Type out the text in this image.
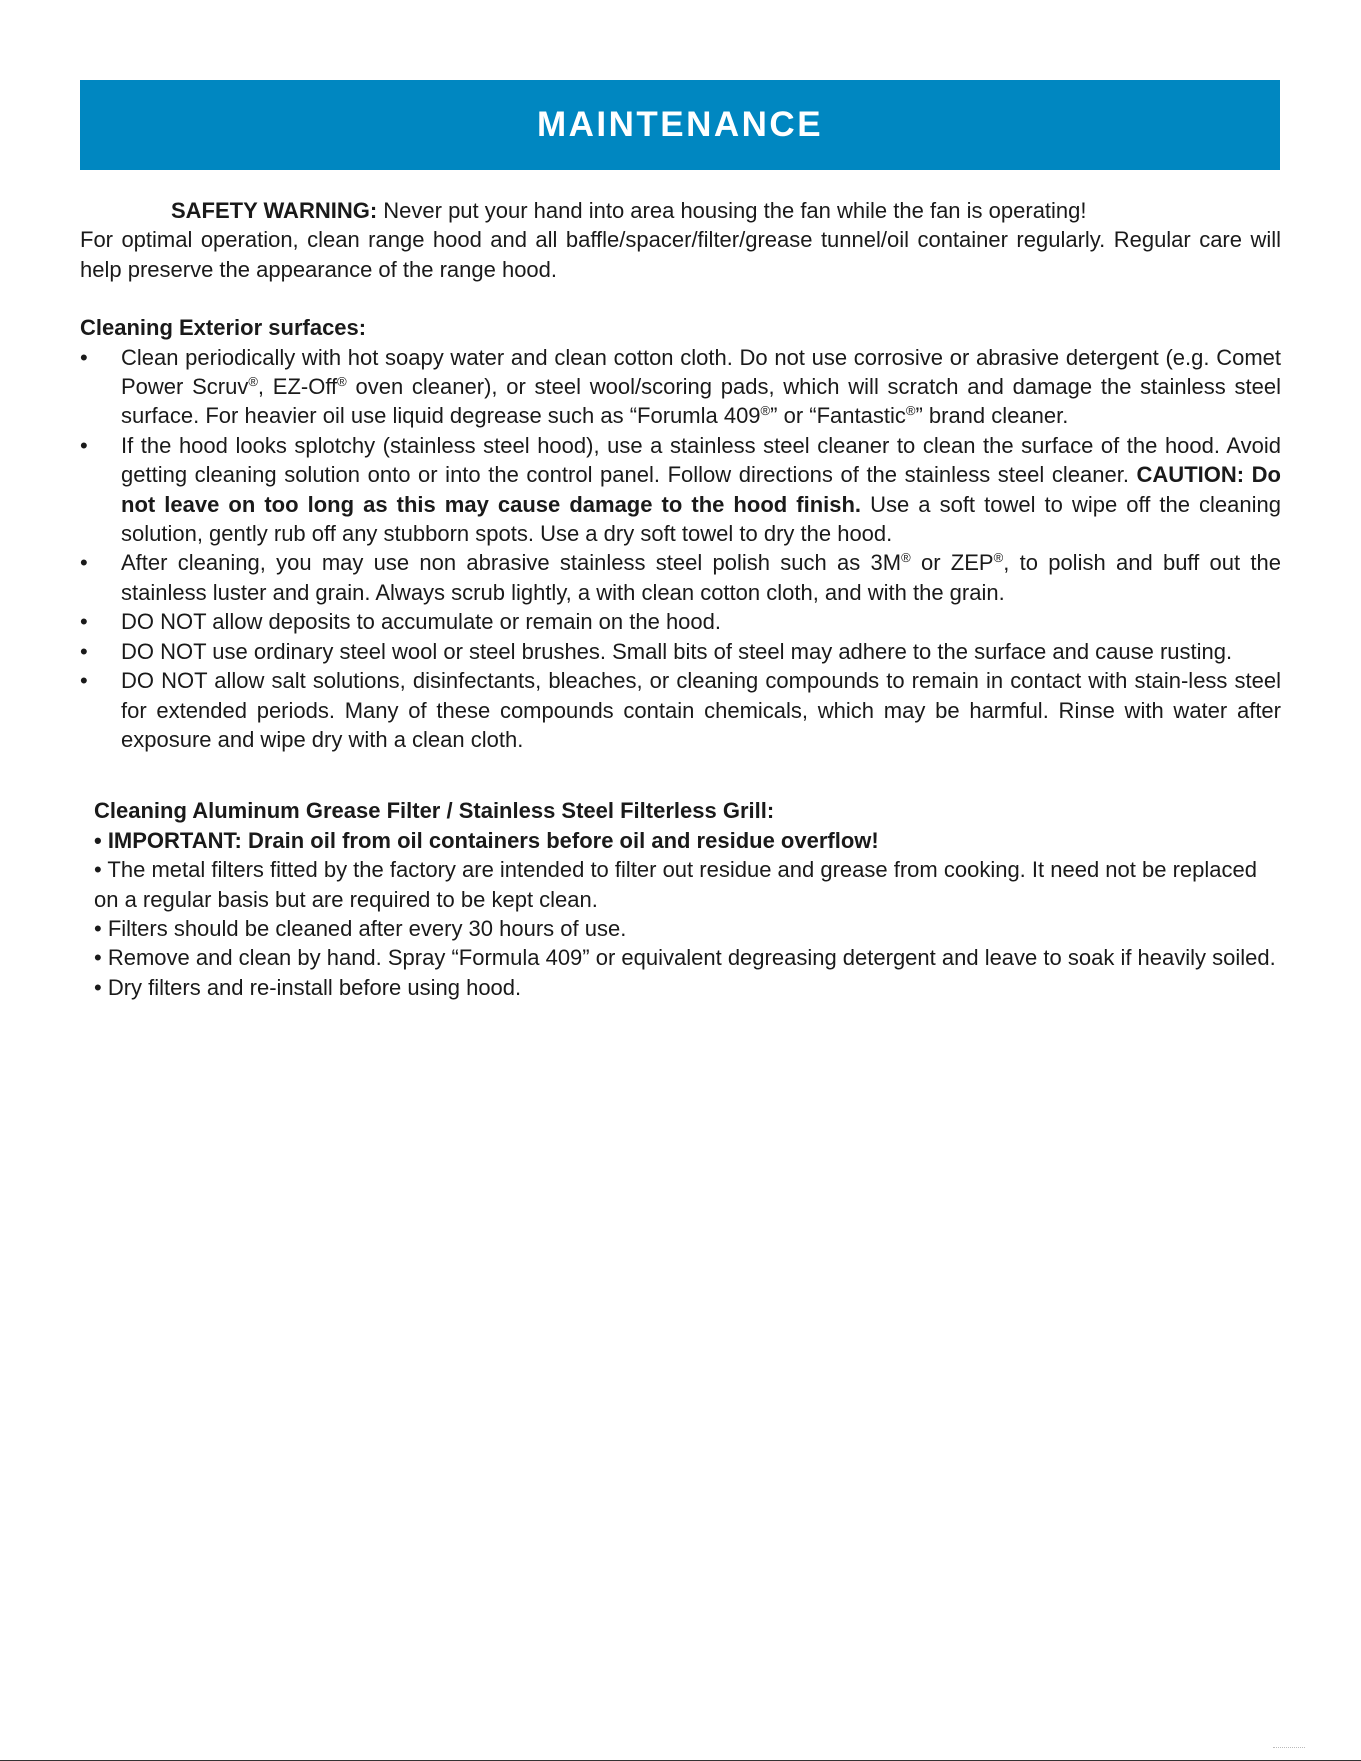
MAINTENANCE

SAFETY WARNING: Never put your hand into area housing the fan while the fan is operating!

For optimal operation, clean range hood and all baffle/spacer/filter/grease tunnel/oil container regularly. Regular care will help preserve the appearance of the range hood.

Cleaning Exterior surfaces:

• Clean periodically with hot soapy water and clean cotton cloth. Do not use corrosive or abrasive detergent (e.g. Comet Power Scruv®, EZ-Off® oven cleaner), or steel wool/scoring pads, which will scratch and damage the stainless steel surface. For heavier oil use liquid degrease such as “Forumla 409®” or “Fantastic®” brand cleaner.
• If the hood looks splotchy (stainless steel hood), use a stainless steel cleaner to clean the surface of the hood. Avoid getting cleaning solution onto or into the control panel. Follow directions of the stainless steel cleaner. CAUTION: Do not leave on too long as this may cause damage to the hood finish. Use a soft towel to wipe off the cleaning solution, gently rub off any stubborn spots. Use a dry soft towel to dry the hood.
• After cleaning, you may use non abrasive stainless steel polish such as 3M® or ZEP®, to polish and buff out the stainless luster and grain. Always scrub lightly, a with clean cotton cloth, and with the grain.
• DO NOT allow deposits to accumulate or remain on the hood.
• DO NOT use ordinary steel wool or steel brushes. Small bits of steel may adhere to the surface and cause rusting.
• DO NOT allow salt solutions, disinfectants, bleaches, or cleaning compounds to remain in contact with stain-less steel for extended periods. Many of these compounds contain chemicals, which may be harmful. Rinse with water after exposure and wipe dry with a clean cloth.

Cleaning Aluminum Grease Filter / Stainless Steel Filterless Grill:

• IMPORTANT: Drain oil from oil containers before oil and residue overflow!

• The metal filters fitted by the factory are intended to filter out residue and grease from cooking. It need not be replaced on a regular basis but are required to be kept clean.

• Filters should be cleaned after every 30 hours of use.

• Remove and clean by hand. Spray “Formula 409” or equivalent degreasing detergent and leave to soak if heavily soiled.

• Dry filters and re-install before using hood.
